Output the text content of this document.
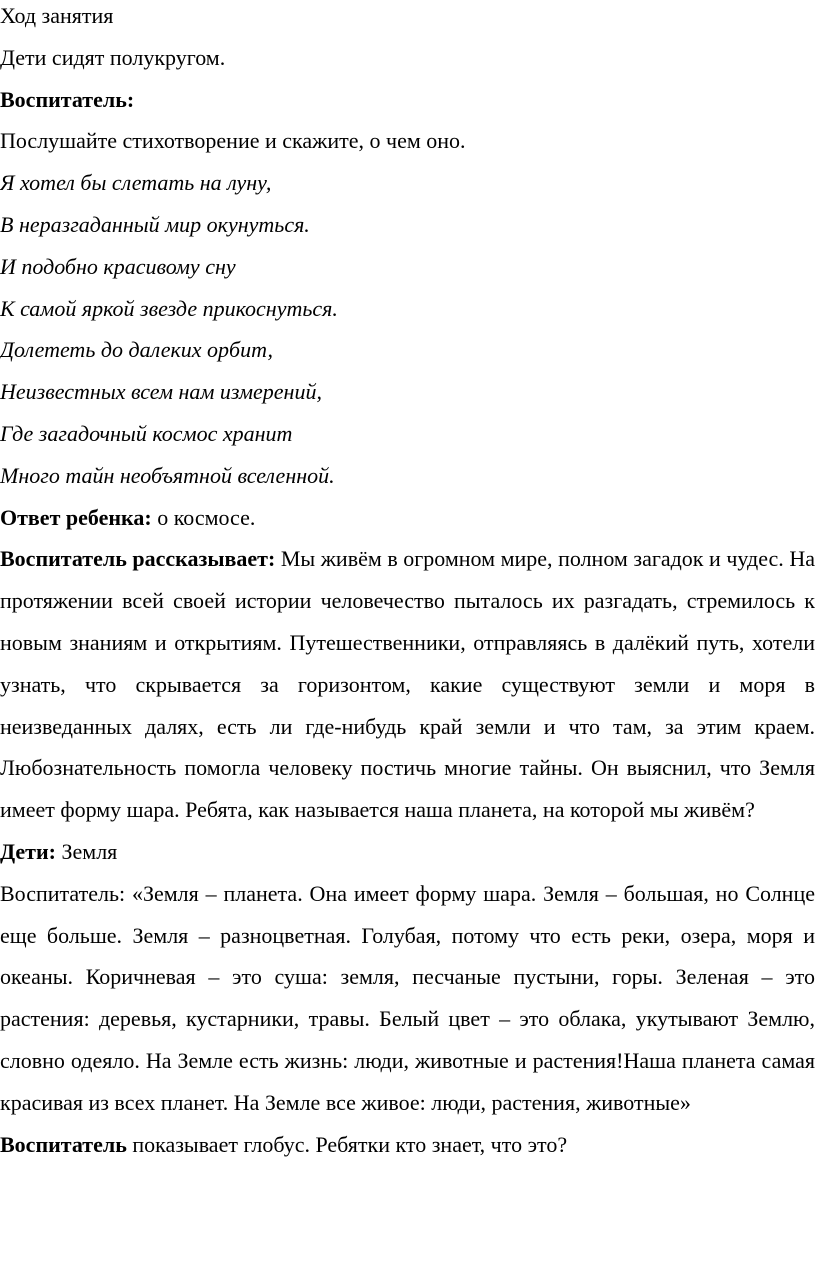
Ход занятия

Дети сидят полукругом.

Воспитатель:

Послушайте стихотворение и скажите, о чем оно.

Я хотел бы слетать на луну,

В неразгаданный мир окунуться.

И подобно красивому сну

К самой яркой звезде прикоснуться.

Долететь до далеких орбит,

Неизвестных всем нам измерений,

Где загадочный космос хранит

Много тайн необъятной вселенной.

Ответ ребенка: о космосе.

Воспитатель рассказывает: Мы живём в огромном мире, полном загадок и чудес. На протяжении всей своей истории человечество пыталось их разгадать, стремилось к новым знаниям и открытиям. Путешественники, отправляясь в далёкий путь, хотели узнать, что скрывается за горизонтом, какие существуют земли и моря в неизведанных далях, есть ли где-нибудь край земли и что там, за этим краем. Любознательность помогла человеку постичь многие тайны. Он выяснил, что Земля имеет форму шара. Ребята, как называется наша планета, на которой мы живём?

Дети: Земля

Воспитатель: «Земля – планета. Она имеет форму шара. Земля – большая, но Солнце еще больше. Земля – разноцветная. Голубая, потому что есть реки, озера, моря и океаны. Коричневая – это суша: земля, песчаные пустыни, горы. Зеленая – это растения: деревья, кустарники, травы. Белый цвет – это облака, укутывают Землю, словно одеяло. На Земле есть жизнь: люди, животные и растения!Наша планета самая красивая из всех планет. На Земле все живое: люди, растения, животные»

Воспитатель показывает глобус. Ребятки кто знает, что это?
